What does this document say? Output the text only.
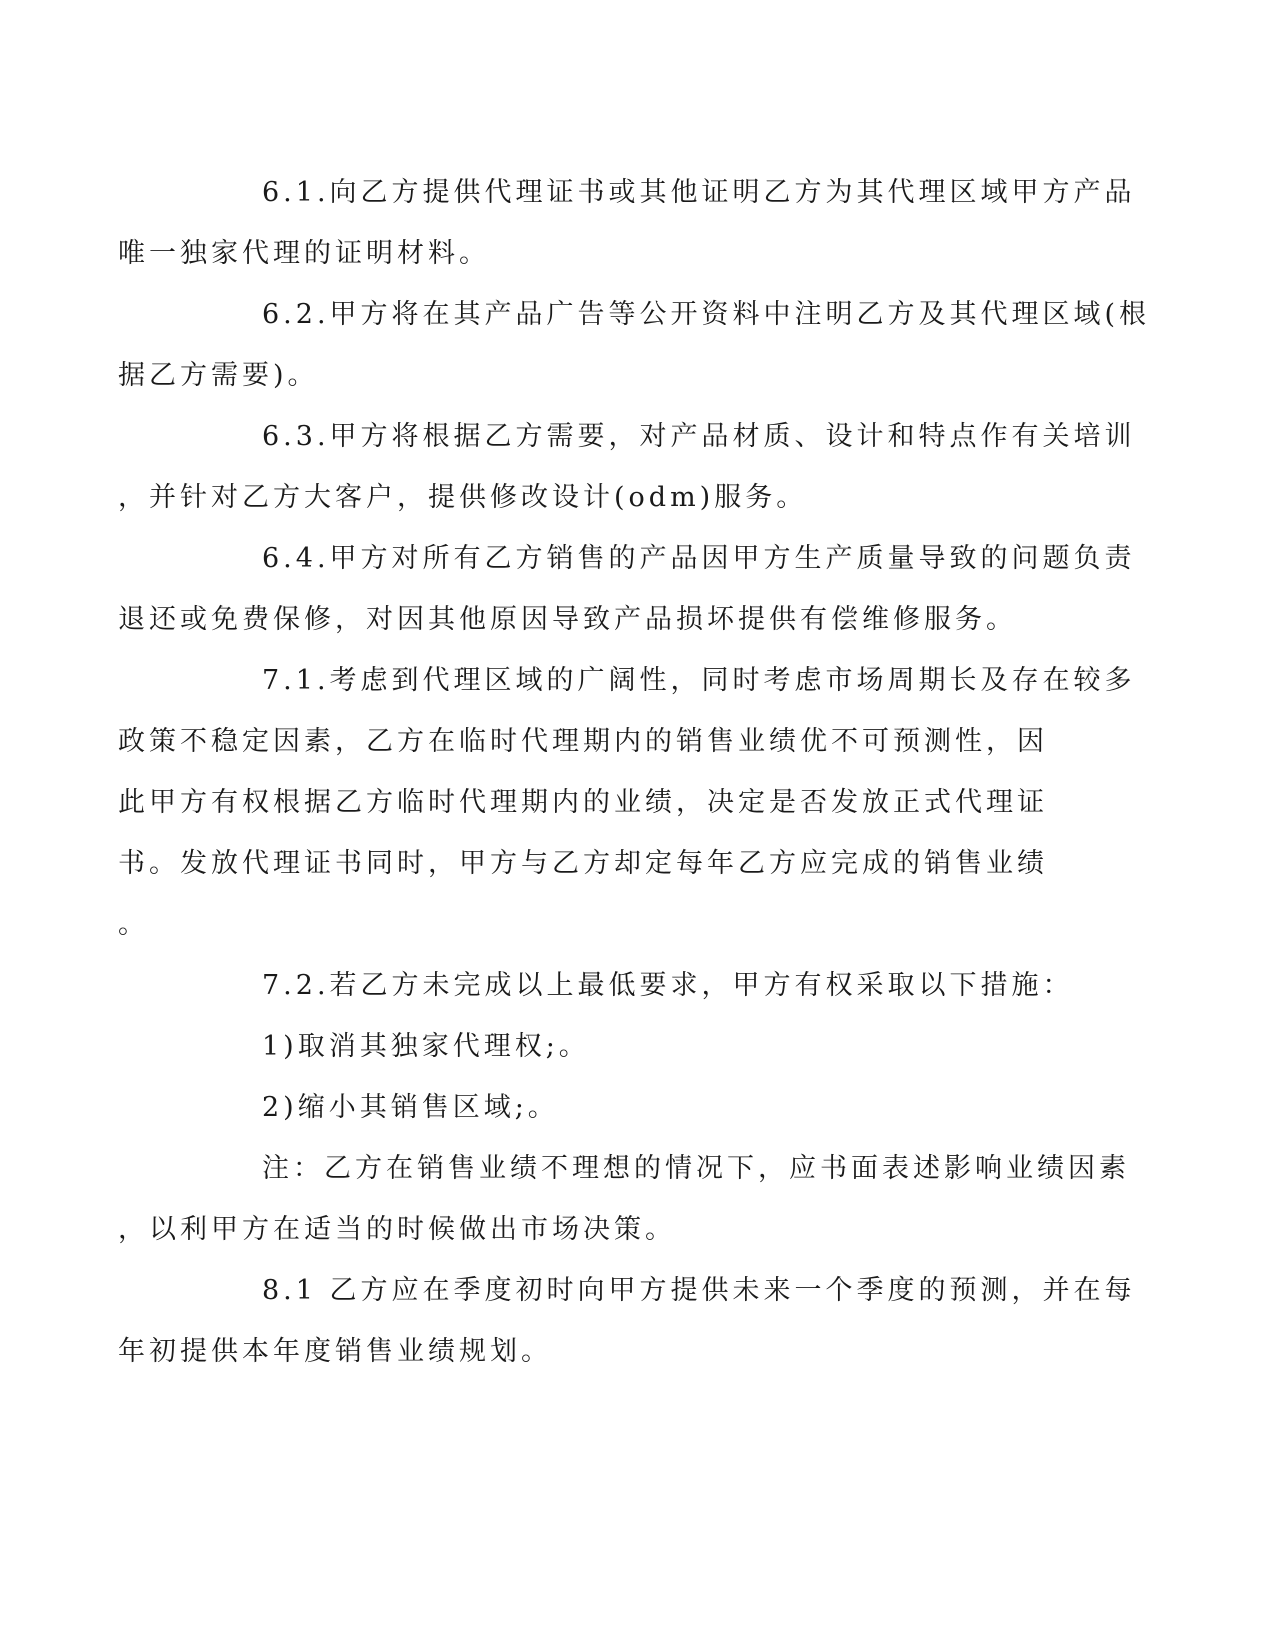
6.1.向乙方提供代理证书或其他证明乙方为其代理区域甲方产品
唯一独家代理的证明材料。

6.2.甲方将在其产品广告等公开资料中注明乙方及其代理区域(根
据乙方需要)。

6.3.甲方将根据乙方需要，对产品材质、设计和特点作有关培训
，并针对乙方大客户，提供修改设计(odm)服务。

6.4.甲方对所有乙方销售的产品因甲方生产质量导致的问题负责
退还或免费保修，对因其他原因导致产品损坏提供有偿维修服务。

7.1.考虑到代理区域的广阔性，同时考虑市场周期长及存在较多
政策不稳定因素，乙方在临时代理期内的销售业绩优不可预测性，因
此甲方有权根据乙方临时代理期内的业绩，决定是否发放正式代理证
书。发放代理证书同时，甲方与乙方却定每年乙方应完成的销售业绩
。

7.2.若乙方未完成以上最低要求，甲方有权采取以下措施：

1)取消其独家代理权;。

2)缩小其销售区域;。

注：乙方在销售业绩不理想的情况下，应书面表述影响业绩因素
，以利甲方在适当的时候做出市场决策。

8.1 乙方应在季度初时向甲方提供未来一个季度的预测，并在每
年初提供本年度销售业绩规划。
